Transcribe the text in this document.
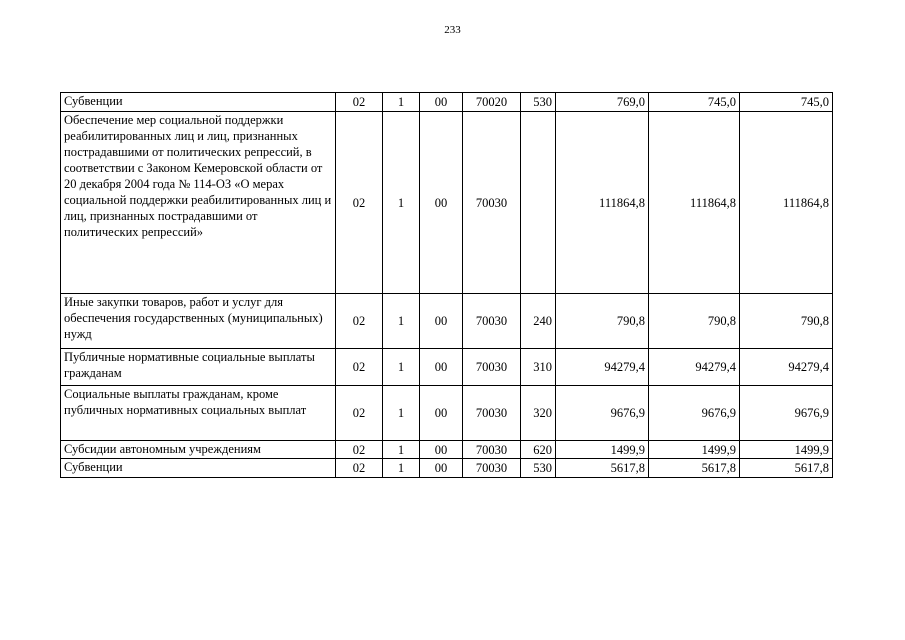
233
Субвенции	02	1	00	70020	530	769,0	745,0	745,0
Обеспечение мер социальной поддержки реабилитированных лиц и лиц, признанных пострадавшими от политических репрессий, в соответствии с Законом Кемеровской области от 20 декабря 2004 года № 114-ОЗ «О мерах социальной поддержки реабилитированных лиц и лиц, признанных пострадавшими от политических репрессий»	02	1	00	70030		111864,8	111864,8	111864,8
Иные закупки товаров, работ и услуг для обеспечения государственных (муниципальных) нужд	02	1	00	70030	240	790,8	790,8	790,8
Публичные нормативные социальные выплаты гражданам	02	1	00	70030	310	94279,4	94279,4	94279,4
Социальные выплаты гражданам, кроме публичных нормативных социальных выплат	02	1	00	70030	320	9676,9	9676,9	9676,9
Субсидии автономным учреждениям	02	1	00	70030	620	1499,9	1499,9	1499,9
Субвенции	02	1	00	70030	530	5617,8	5617,8	5617,8
